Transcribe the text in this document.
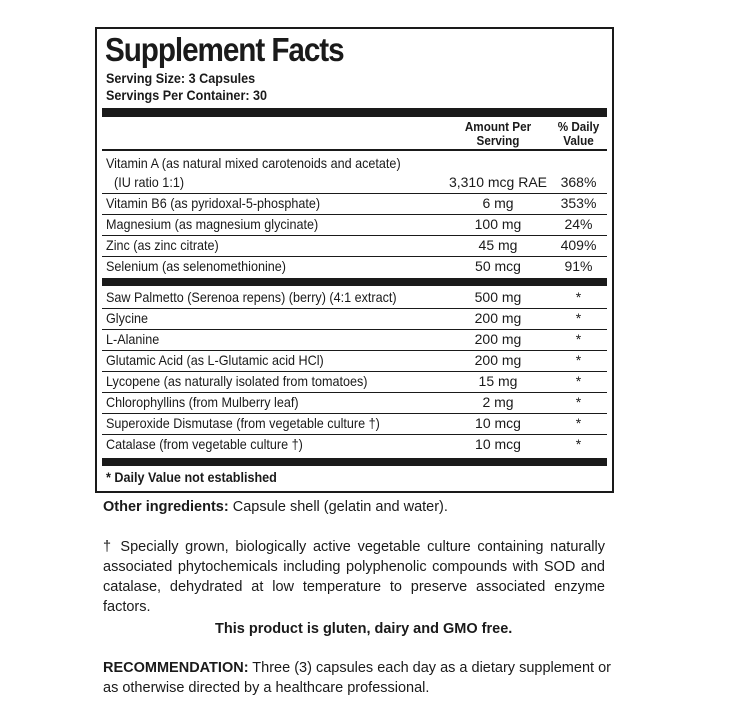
Supplement Facts
Serving Size: 3 Capsules
Servings Per Container: 30
Amount Per
Serving
% Daily
Value
Vitamin A (as natural mixed carotenoids and acetate)
(IU ratio 1:1)	3,310 mcg RAE 368%
Vitamin B6 (as pyridoxal-5-phosphate)	6 mg	353%
Magnesium (as magnesium glycinate)	100 mg	24%
Zinc (as zinc citrate)	45 mg	409%
Selenium (as selenomethionine)	50 mcg	91%
Saw Palmetto (Serenoa repens) (berry) (4:1 extract)	500 mg	*
Glycine	200 mg	*
L-Alanine	200 mg	*
Glutamic Acid (as L-Glutamic acid HCl)	200 mg	*
Lycopene (as naturally isolated from tomatoes)	15 mg	*
Chlorophyllins (from Mulberry leaf)	2 mg	*
Superoxide Dismutase (from vegetable culture †)	10 mcg	*
Catalase (from vegetable culture †)	10 mcg	*
* Daily Value not established
Other ingredients: Capsule shell (gelatin and water).
† Specially grown, biologically active vegetable culture containing naturally associated phytochemicals including polyphenolic compounds with SOD and catalase, dehydrated at low temperature to preserve associated enzyme factors.
This product is gluten, dairy and GMO free.
RECOMMENDATION: Three (3) capsules each day as a dietary supplement or as otherwise directed by a healthcare professional.
